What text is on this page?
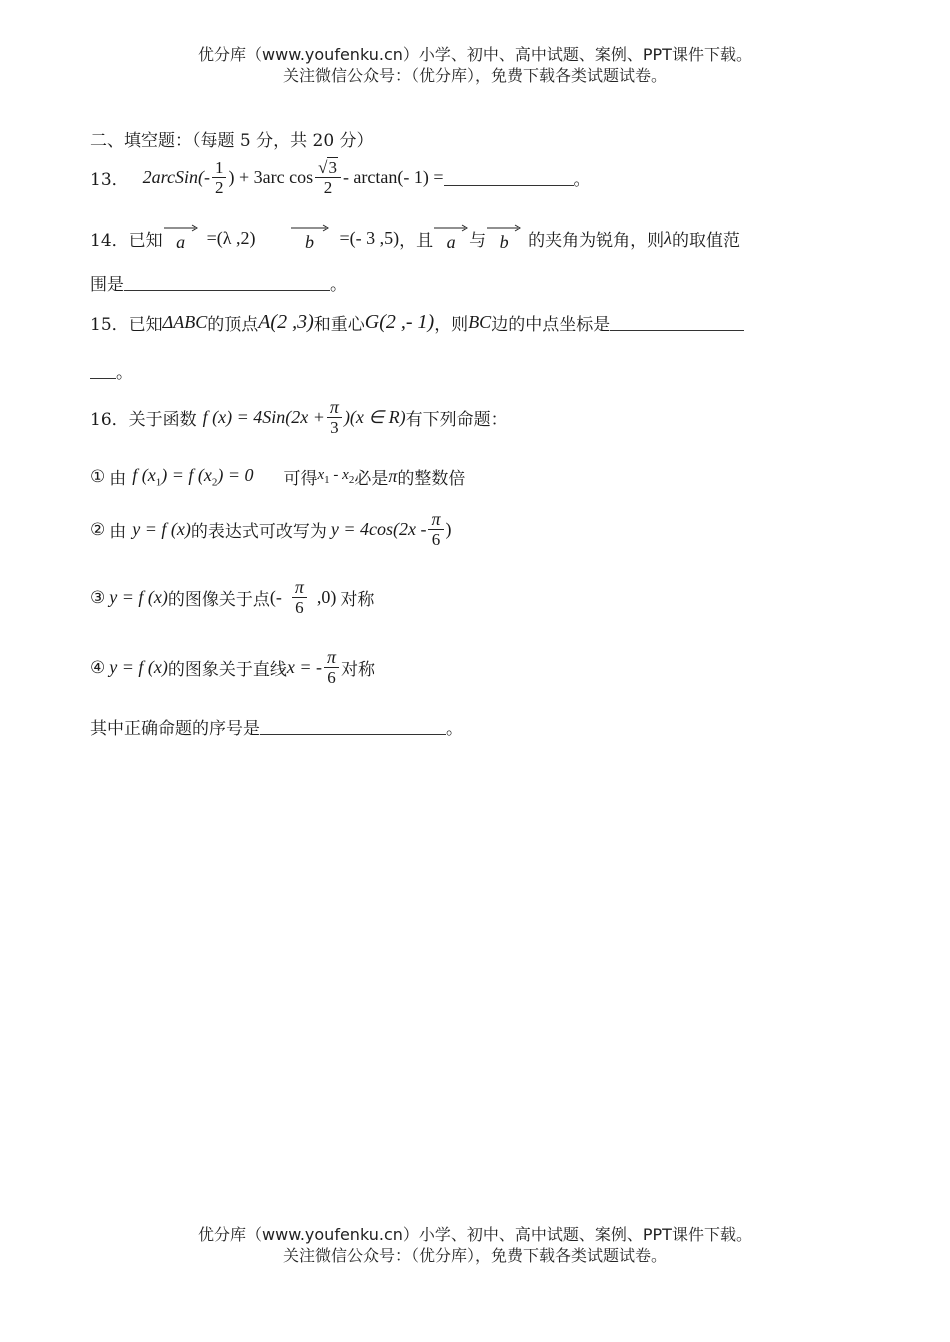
优分库（www.youfenku.cn）小学、初中、高中试题、案例、PPT课件下载。
关注微信公众号：（优分库），免费下载各类试题试卷。
二、填空题：（每题 5 分，共 20 分）
13． 2arcSin(- $\frac{1}{2}$ ) + 3arc $\cos \frac{√3}{2} - \arctan(-$ 1) =	。
14．已知 a	=(λ ,2)	b	=(- 3 ,5) ，且 a 与 b	的夹角为锐角，则 λ 的取值范
围是	。
15．已知 ΔABC 的顶点 A(2 ,3) 和重心 G(2 ,- 1) ，则 BC 边的中点坐标是
。
16．关于函数 f $(x) = 4Sin(2x + \frac{\pi}{3} )(x$ ∈ R) 有下列命题：
① 由 f $(x_1) = f$ $(x_2) = 0$ 可得 $x_1 - x_2$ 必是 π 的整数倍
② 由 y = f (x) 的表达式可改写为 $y = 4\cos(2x - \frac{\pi}{6}$ )
③ y = f (x) 的图像关于点 (- $\frac{\pi}{6} ,0$) 对称
④ y = f (x) 的图象关于直线 x = - $\frac{\pi}{6}$ 对称
其中正确命题的序号是	。
优分库（www.youfenku.cn）小学、初中、高中试题、案例、PPT课件下载。
关注微信公众号：（优分库），免费下载各类试题试卷。
